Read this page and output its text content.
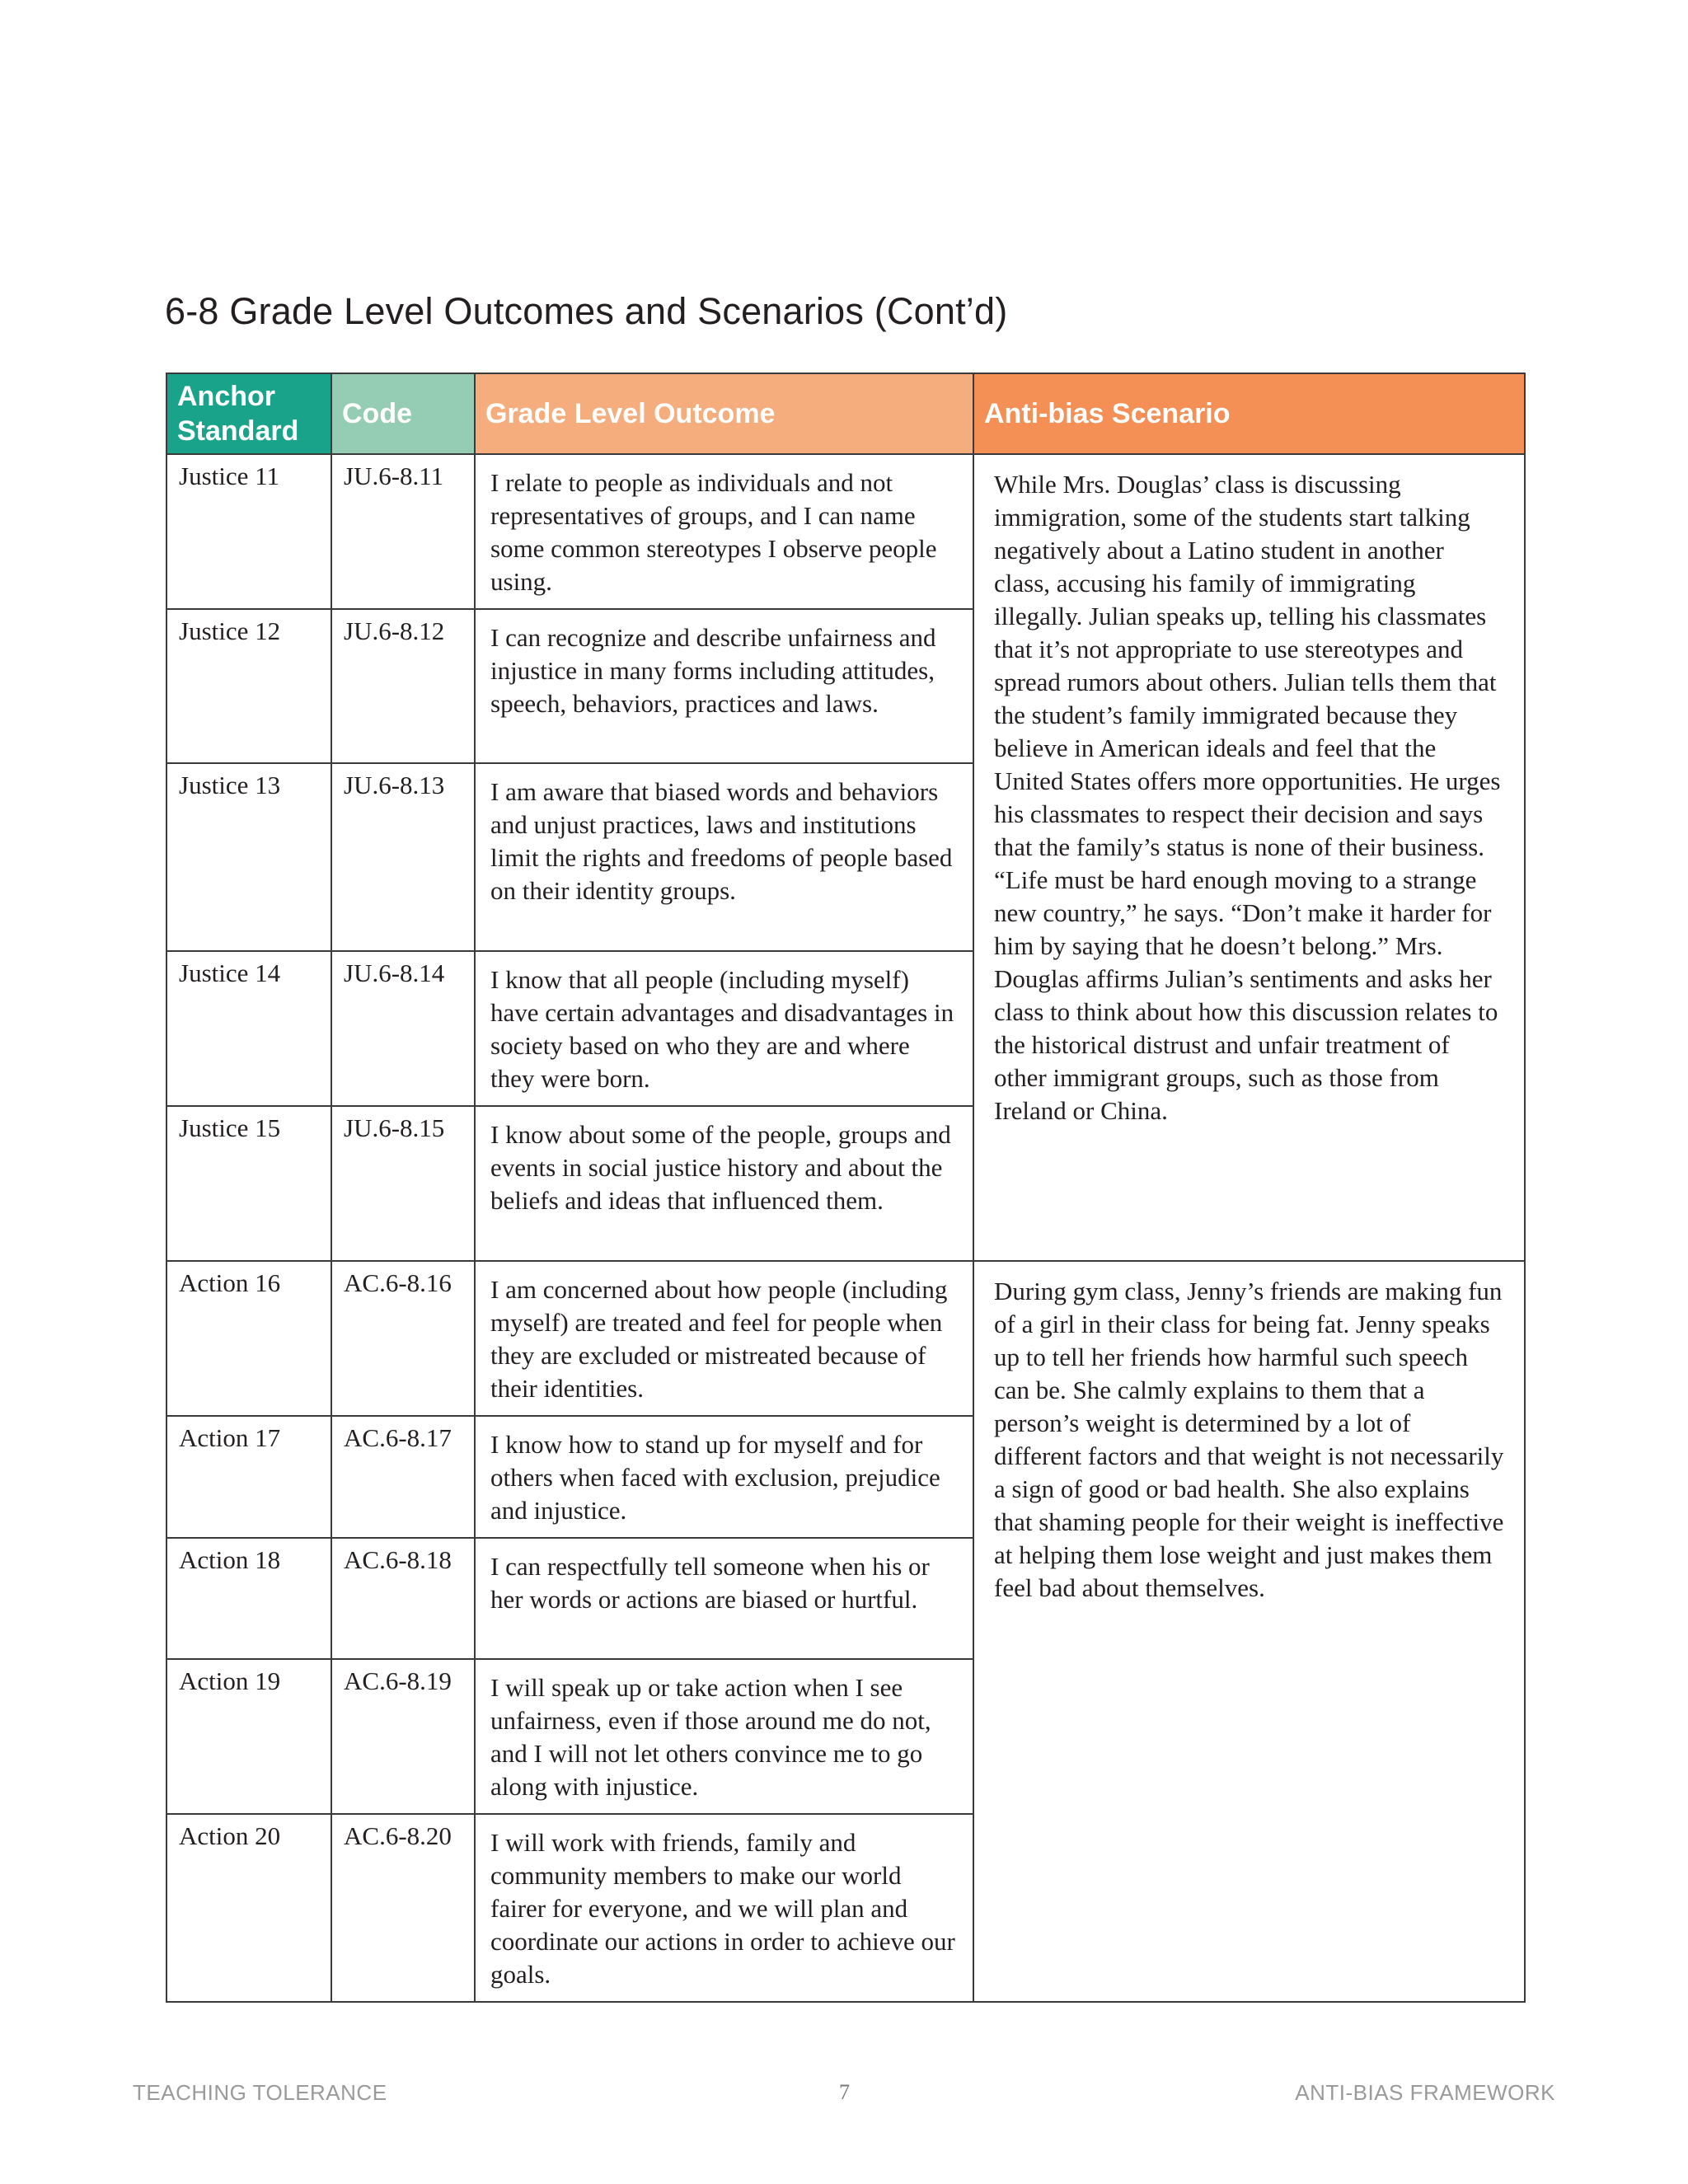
6-8 Grade Level Outcomes and Scenarios (Cont’d)
Anchor Standard	Code	Grade Level Outcome	Anti-bias Scenario
Justice 11	JU.6-8.11	I relate to people as individuals and not representatives of groups, and I can name some common stereotypes I observe people using.	While Mrs. Douglas’ class is discussing immigration, some of the students start talking negatively about a Latino student in another class, accusing his family of immigrating illegally. Julian speaks up, telling his classmates that it’s not appropriate to use stereotypes and spread rumors about others. Julian tells them that the student’s family immigrated because they believe in American ideals and feel that the United States offers more opportunities. He urges his classmates to respect their decision and says that the family’s status is none of their business. “Life must be hard enough moving to a strange new country,” he says. “Don’t make it harder for him by saying that he doesn’t belong.” Mrs. Douglas affirms Julian’s sentiments and asks her class to think about how this discussion relates to the historical distrust and unfair treatment of other immigrant groups, such as those from Ireland or China.
Justice 12	JU.6-8.12	I can recognize and describe unfairness and injustice in many forms including attitudes, speech, behaviors, practices and laws.	
Justice 13	JU.6-8.13	I am aware that biased words and behaviors and unjust practices, laws and institutions limit the rights and freedoms of people based on their identity groups.	
Justice 14	JU.6-8.14	I know that all people (including myself) have certain advantages and disadvantages in society based on who they are and where they were born.	
Justice 15	JU.6-8.15	I know about some of the people, groups and events in social justice history and about the beliefs and ideas that influenced them.	
Action 16	AC.6-8.16	I am concerned about how people (including myself) are treated and feel for people when they are excluded or mistreated because of their identities.	During gym class, Jenny’s friends are making fun of a girl in their class for being fat. Jenny speaks up to tell her friends how harmful such speech can be. She calmly explains to them that a person’s weight is determined by a lot of different factors and that weight is not necessarily a sign of good or bad health. She also explains that shaming people for their weight is ineffective at helping them lose weight and just makes them feel bad about themselves.
Action 17	AC.6-8.17	I know how to stand up for myself and for others when faced with exclusion, prejudice and injustice.	
Action 18	AC.6-8.18	I can respectfully tell someone when his or her words or actions are biased or hurtful.	
Action 19	AC.6-8.19	I will speak up or take action when I see unfairness, even if those around me do not, and I will not let others convince me to go along with injustice.	
Action 20	AC.6-8.20	I will work with friends, family and community members to make our world fairer for everyone, and we will plan and coordinate our actions in order to achieve our goals.	
TEACHING TOLERANCE	7	ANTI-BIAS FRAMEWORK
